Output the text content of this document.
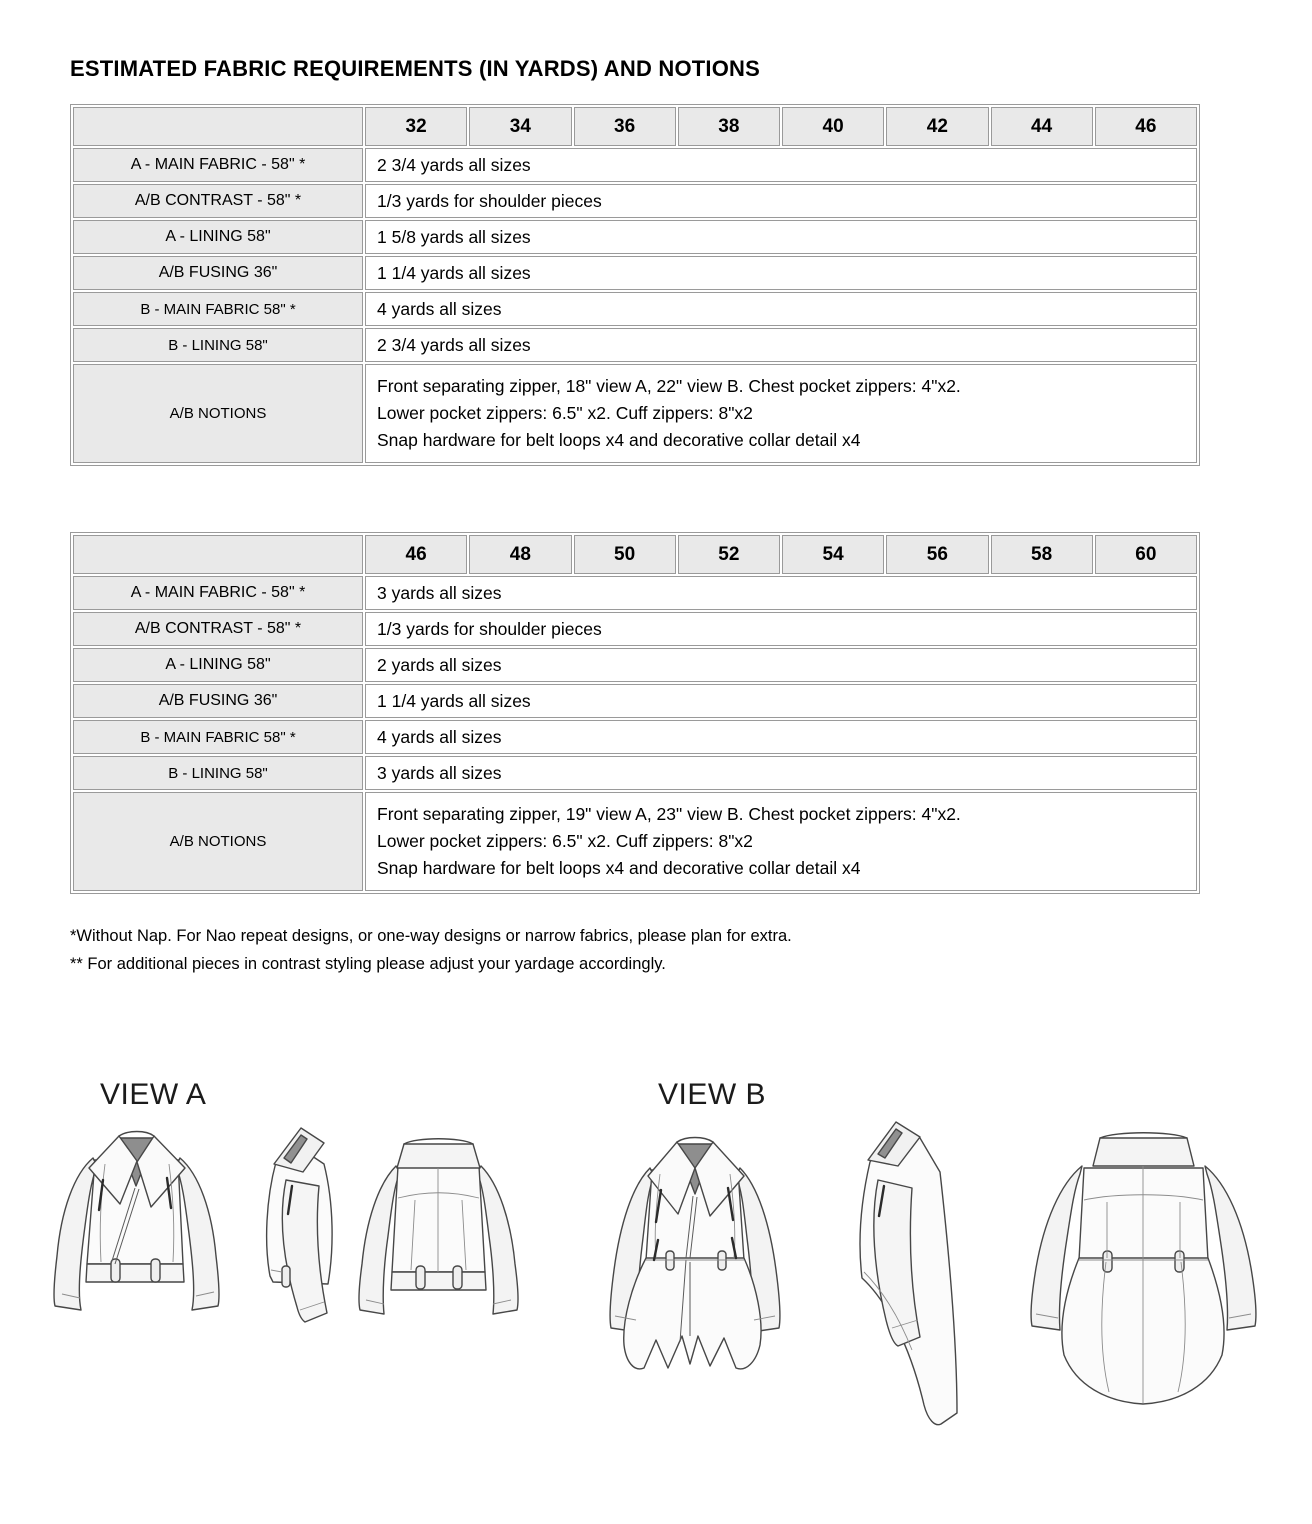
ESTIMATED FABRIC REQUIREMENTS (IN YARDS) AND NOTIONS
	32	34	36	38	40	42	44	46
A - MAIN FABRIC - 58" *	2 3/4 yards all sizes							
A/B CONTRAST - 58" *	1/3 yards for shoulder pieces							
A - LINING 58"	1 5/8 yards all sizes							
A/B FUSING 36"	1 1/4 yards all sizes							
B - MAIN FABRIC 58" *	4 yards all sizes							
B - LINING 58"	2 3/4 yards all sizes							
A/B NOTIONS	Front separating zipper, 18" view A, 22" view B. Chest pocket zippers: 4"x2.
Lower pocket zippers: 6.5" x2. Cuff zippers: 8"x2
Snap hardware for belt loops x4 and decorative collar detail x4							
	46	48	50	52	54	56	58	60
A - MAIN FABRIC - 58" *	3 yards all sizes							
A/B CONTRAST - 58" *	1/3 yards for shoulder pieces							
A - LINING 58"	2 yards all sizes							
A/B FUSING 36"	1 1/4 yards all sizes							
B - MAIN FABRIC 58" *	4 yards all sizes							
B - LINING 58"	3 yards all sizes							
A/B NOTIONS	Front separating zipper, 19" view A, 23" view B. Chest pocket zippers: 4"x2.
Lower pocket zippers: 6.5" x2. Cuff zippers: 8"x2
Snap hardware for belt loops x4 and decorative collar detail x4							
*Without Nap. For Nao repeat designs, or one-way designs or narrow fabrics, please plan for extra.
** For additional pieces in contrast styling please adjust your yardage accordingly.
VIEW A	VIEW B
